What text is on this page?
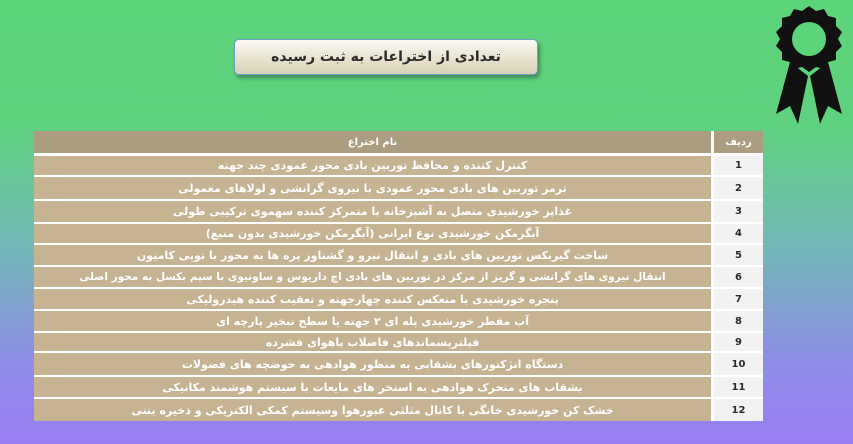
تعدادی از اختراعات به ثبت رسیده
ردیف
نام اختراع
1
کنترل کننده و محافظ توربین بادی محور عمودی چند جهته
2
ترمز توربین های بادی محور عمودی با نیروی گرانشی و لولاهای معمولی
3
غذاپز خورشیدی متصل به آشپزخانه با متمرکز کننده سهموی ترکیبی طولی
4
آبگرمکن خورشیدی نوع ایرانی (آبگرمکن خورشیدی بدون منبع)
5
ساخت گیربکس توربین های بادی و انتقال نیرو و گشتاور پره ها به محور با توپی کامیون
6
انتقال نیروی های گرانشی و گریز از مرکز در توربین های بادی اچ داریوس و ساونیوی با سیم بکسل به محور اصلی
7
پنجره خورشیدی با منعکس کننده چهارجهته و تعقیب کننده هیدرولیکی
8
آب مقطر خورشیدی پله ای ۲ جهته یا سطح تبخیر پارچه ای
9
فیلترپسماندهای فاضلاب باهوای فشرده
10
دستگاه انژکتورهای بشقابی به منظور هوادهی به حوضچه های فضولات
11
بشقاب های متحرک هوادهی به استخر های مایعات با سیستم هوشمند مکانیکی
12
خشک کن خورشیدی خانگی با کانال مثلثی عبورهوا وسیستم کمکی الکتریکی و ذخیره بتنی
